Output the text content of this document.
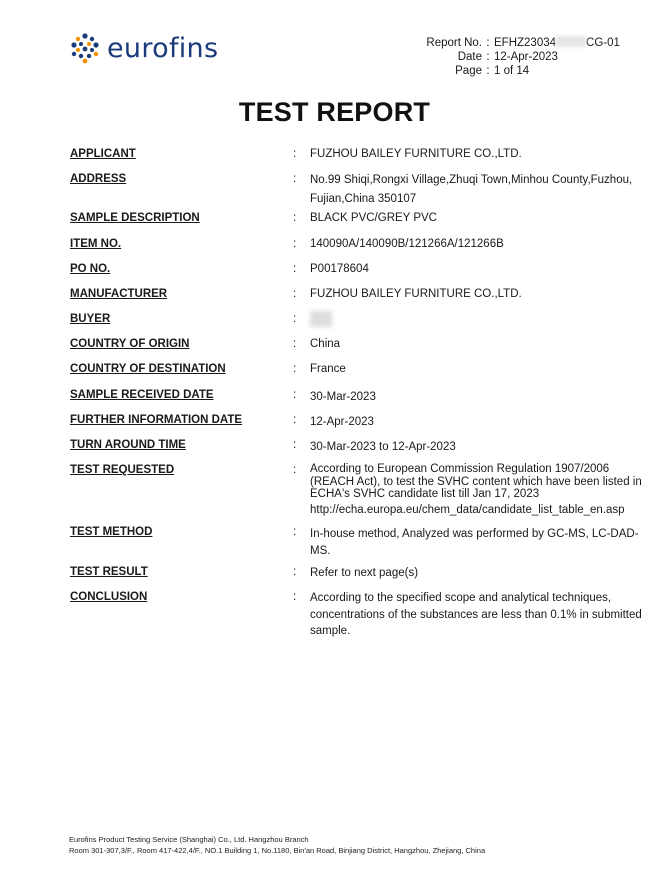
eurofins	Report No. : EFHZ23034	CG-01
Date : 12-Apr-2023
Page : 1 of 14
TEST REPORT
APPLICANT	: FUZHOU BAILEY FURNITURE CO.,LTD.
ADDRESS	: No.99 Shiqi,Rongxi Village,Zhuqi Town,Minhou County,Fuzhou,
Fujian,China 350107
SAMPLE DESCRIPTION	: BLACK PVC/GREY PVC
ITEM NO.	: 140090A/140090B/121266A/121266B
PO NO.	: P00178604
MANUFACTURER	: FUZHOU BAILEY FURNITURE CO.,LTD.
BUYER	:
COUNTRY OF ORIGIN	: China
COUNTRY OF DESTINATION	: France
SAMPLE RECEIVED DATE	: 30-Mar-2023
FURTHER INFORMATION DATE	: 12-Apr-2023
TURN AROUND TIME	: 30-Mar-2023 to 12-Apr-2023
TEST REQUESTED	: According to European Commission Regulation 1907/2006
(REACH Act), to test the SVHC content which have been listed in
ECHA's SVHC candidate list till Jan 17, 2023
http://echa.europa.eu/chem_data/candidate_list_table_en.asp
TEST METHOD	: In-house method, Analyzed was performed by GC-MS, LC-DAD-
MS.
TEST RESULT	: Refer to next page(s)
CONCLUSION	: According to the specified scope and analytical techniques,
concentrations of the substances are less than 0.1% in submitted
sample.
Eurofins Product Testing Service (Shanghai) Co., Ltd. Hangzhou Branch
Room 301-307,3/F., Room 417-422,4/F., NO.1 Building 1, No.1180, Bin'an Road, Binjiang District, Hangzhou, Zhejiang, China
